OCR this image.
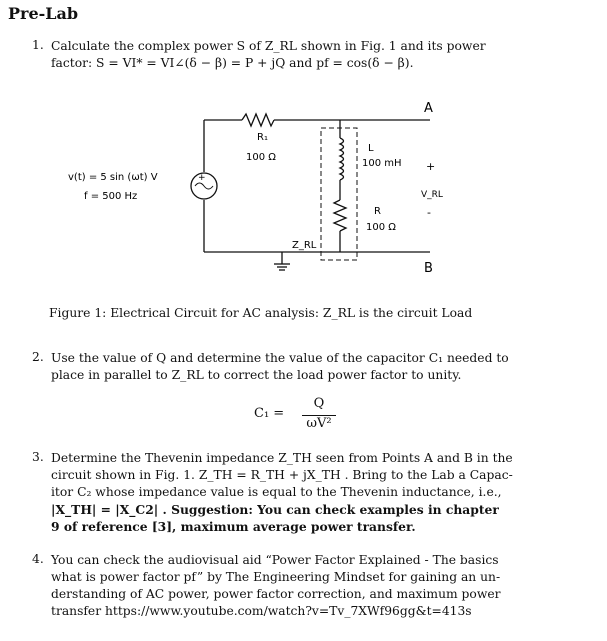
Pre-Lab
1. Calculate the complex power S of Z_RL shown in Fig. 1 and its power
factor: S = VI* = VI∠(δ − β) = P + jQ and pf = cos(δ − β).
+
v(t) = 5 sin (ωt) V
f = 500 Hz
R₁
100 Ω
L
100 mH
R
100 Ω
Z_RL
A
B
+
V_RL
-
Figure 1: Electrical Circuit for AC analysis: Z_RL is the circuit Load
2. Use the value of Q and determine the value of the capacitor C₁ needed to
place in parallel to Z_RL to correct the load power factor to unity.
C₁ =
Q
ωV²
3. Determine the Thevenin impedance Z_TH seen from Points A and B in the
circuit shown in Fig. 1. Z_TH = R_TH + jX_TH . Bring to the Lab a Capac-
itor C₂ whose impedance value is equal to the Thevenin inductance, i.e.,
|X_TH| = |X_C2| . Suggestion: You can check examples in chapter
9 of reference [3], maximum average power transfer.
4. You can check the audiovisual aid “Power Factor Explained - The basics
what is power factor pf” by The Engineering Mindset for gaining an un-
derstanding of AC power, power factor correction, and maximum power
transfer https://www.youtube.com/watch?v=Tv_7XWf96gg&t=413s
